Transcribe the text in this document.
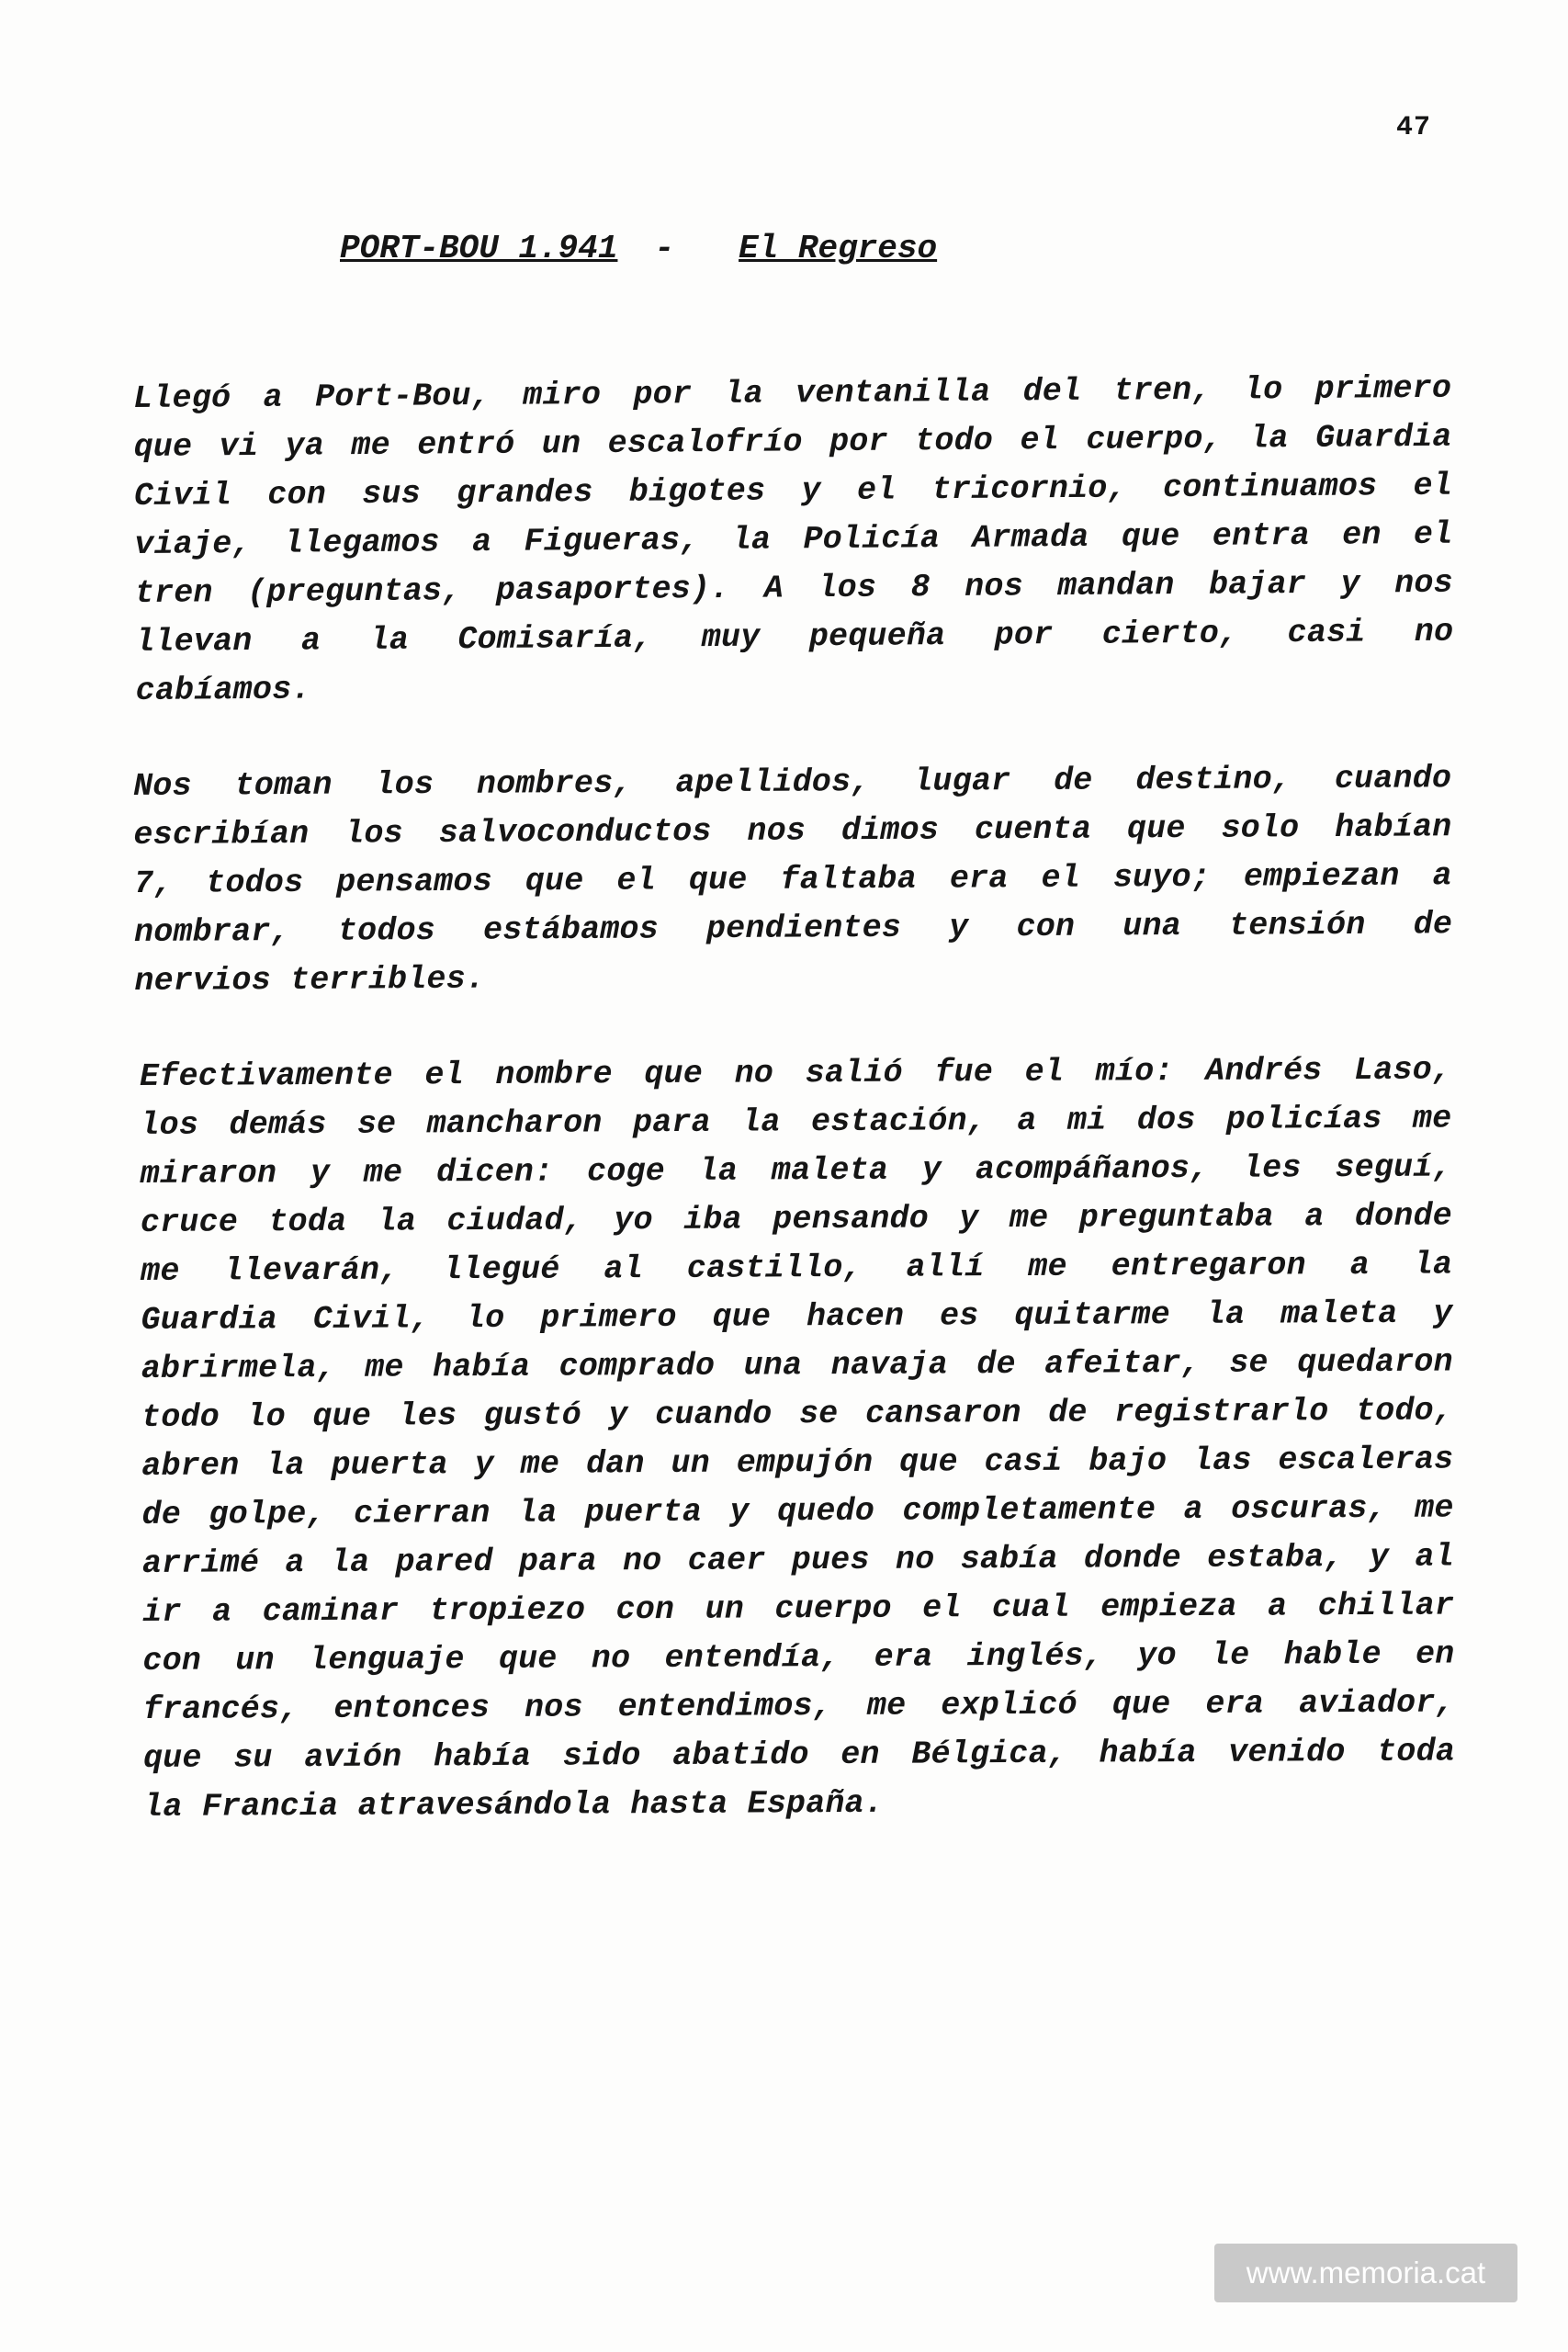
47
PORT-BOU 1.941 - El Regreso
Llegó a Port-Bou, miro por la ventanilla del tren, lo primero
que vi ya me entró un escalofrío por todo el cuerpo, la Guardia
Civil con sus grandes bigotes y el tricornio, continuamos el
viaje, llegamos a Figueras, la Policía Armada que entra en el
tren (preguntas, pasaportes). A los 8 nos mandan bajar y nos
llevan a la Comisaría, muy pequeña por cierto, casi no
cabíamos.
Nos toman los nombres, apellidos, lugar de destino, cuando
escribían los salvoconductos nos dimos cuenta que solo habían
7, todos pensamos que el que faltaba era el suyo; empiezan a
nombrar, todos estábamos pendientes y con una tensión de
nervios terribles.
Efectivamente el nombre que no salió fue el mío: Andrés Laso,
los demás se mancharon para la estación, a mi dos policías me
miraron y me dicen: coge la maleta y acompáñanos, les seguí,
cruce toda la ciudad, yo iba pensando y me preguntaba a donde
me llevarán, llegué al castillo, allí me entregaron a la
Guardia Civil, lo primero que hacen es quitarme la maleta y
abrirmela, me había comprado una navaja de afeitar, se quedaron
todo lo que les gustó y cuando se cansaron de registrarlo todo,
abren la puerta y me dan un empujón que casi bajo las escaleras
de golpe, cierran la puerta y quedo completamente a oscuras, me
arrimé a la pared para no caer pues no sabía donde estaba, y al
ir a caminar tropiezo con un cuerpo el cual empieza a chillar
con un lenguaje que no entendía, era inglés, yo le hable en
francés, entonces nos entendimos, me explicó que era aviador,
que su avión había sido abatido en Bélgica, había venido toda
la Francia atravesándola hasta España.
www.memoria.cat
